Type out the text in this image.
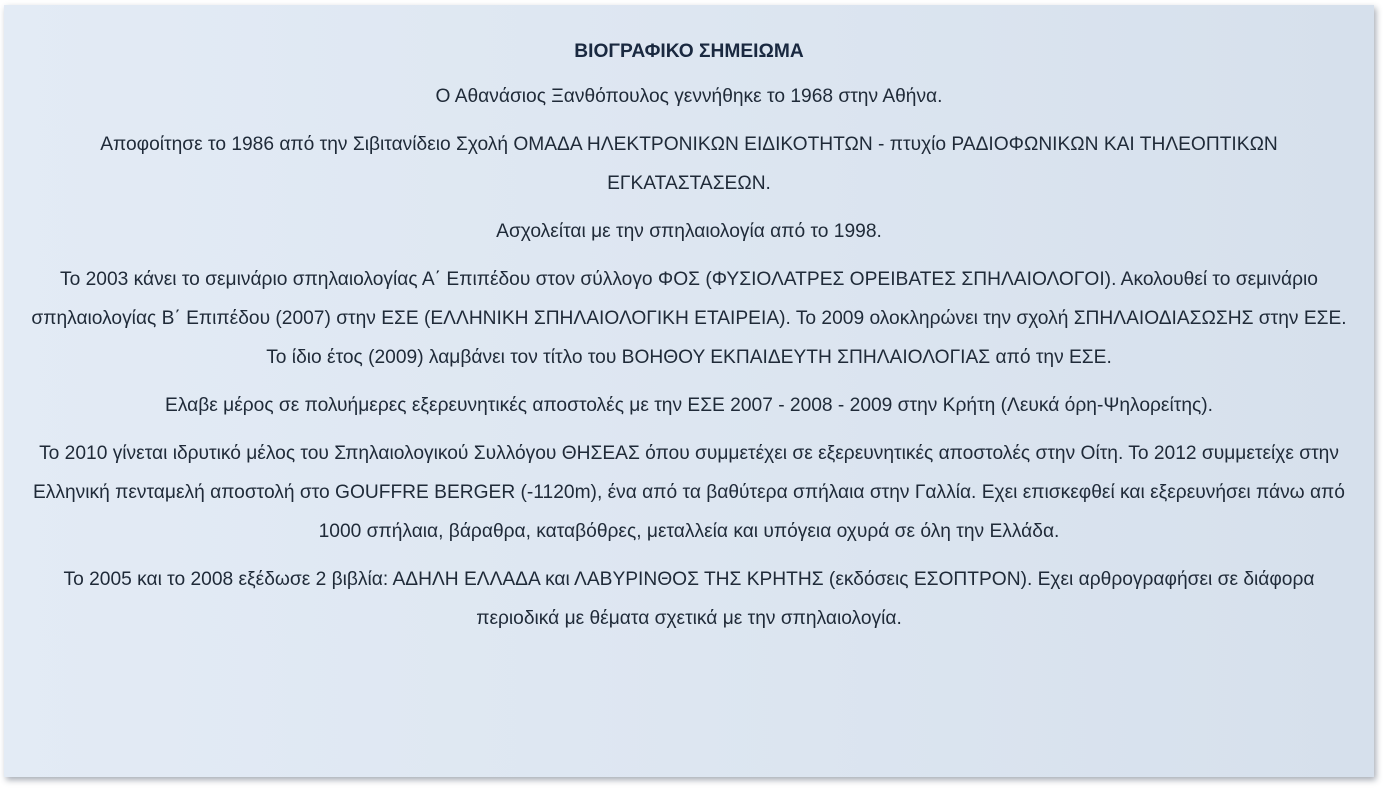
ΒΙΟΓΡΑΦΙΚΟ ΣΗΜΕΙΩΜΑ

Ο Αθανάσιος Ξανθόπουλος γεννήθηκε το 1968 στην Αθήνα.

Αποφοίτησε το 1986 από την Σιβιτανίδειο Σχολή ΟΜΑΔΑ ΗΛΕΚΤΡΟΝΙΚΩΝ ΕΙΔΙΚΟΤΗΤΩΝ - πτυχίο ΡΑΔΙΟΦΩΝΙΚΩΝ ΚΑΙ ΤΗΛΕΟΠΤΙΚΩΝ ΕΓΚΑΤΑΣΤΑΣΕΩΝ.

Ασχολείται με την σπηλαιολογία από το 1998.

Το 2003 κάνει το σεμινάριο σπηλαιολογίας Α΄ Επιπέδου στον σύλλογο ΦΟΣ (ΦΥΣΙΟΛΑΤΡΕΣ ΟΡΕΙΒΑΤΕΣ ΣΠΗΛΑΙΟΛΟΓΟΙ). Ακολουθεί το σεμινάριο σπηλαιολογίας Β΄ Επιπέδου (2007) στην ΕΣΕ (ΕΛΛΗΝΙΚΗ ΣΠΗΛΑΙΟΛΟΓΙΚΗ ΕΤΑΙΡΕΙΑ). Το 2009 ολοκληρώνει την σχολή ΣΠΗΛΑΙΟΔΙΑΣΩΣΗΣ στην ΕΣΕ. Το ίδιο έτος (2009) λαμβάνει τον τίτλο του ΒΟΗΘΟΥ ΕΚΠΑΙΔΕΥΤΗ ΣΠΗΛΑΙΟΛΟΓΙΑΣ από την ΕΣΕ.

Ελαβε μέρος σε πολυήμερες εξερευνητικές αποστολές με την ΕΣΕ 2007 - 2008 - 2009 στην Κρήτη (Λευκά όρη-Ψηλορείτης).

Το 2010 γίνεται ιδρυτικό μέλος του Σπηλαιολογικού Συλλόγου ΘΗΣΕΑΣ όπου συμμετέχει σε εξερευνητικές αποστολές στην Οίτη. Το 2012 συμμετείχε στην Ελληνική πενταμελή αποστολή στο GOUFFRE BERGER (-1120m), ένα από τα βαθύτερα σπήλαια στην Γαλλία. Εχει επισκεφθεί και εξερευνήσει πάνω από 1000 σπήλαια, βάραθρα, καταβόθρες, μεταλλεία και υπόγεια οχυρά σε όλη την Ελλάδα.

Το 2005 και το 2008 εξέδωσε 2 βιβλία: ΑΔΗΛΗ ΕΛΛΑΔΑ και ΛΑΒΥΡΙΝΘΟΣ ΤΗΣ ΚΡΗΤΗΣ (εκδόσεις ΕΣΟΠΤΡΟΝ). Εχει αρθρογραφήσει σε διάφορα περιοδικά με θέματα σχετικά με την σπηλαιολογία.
